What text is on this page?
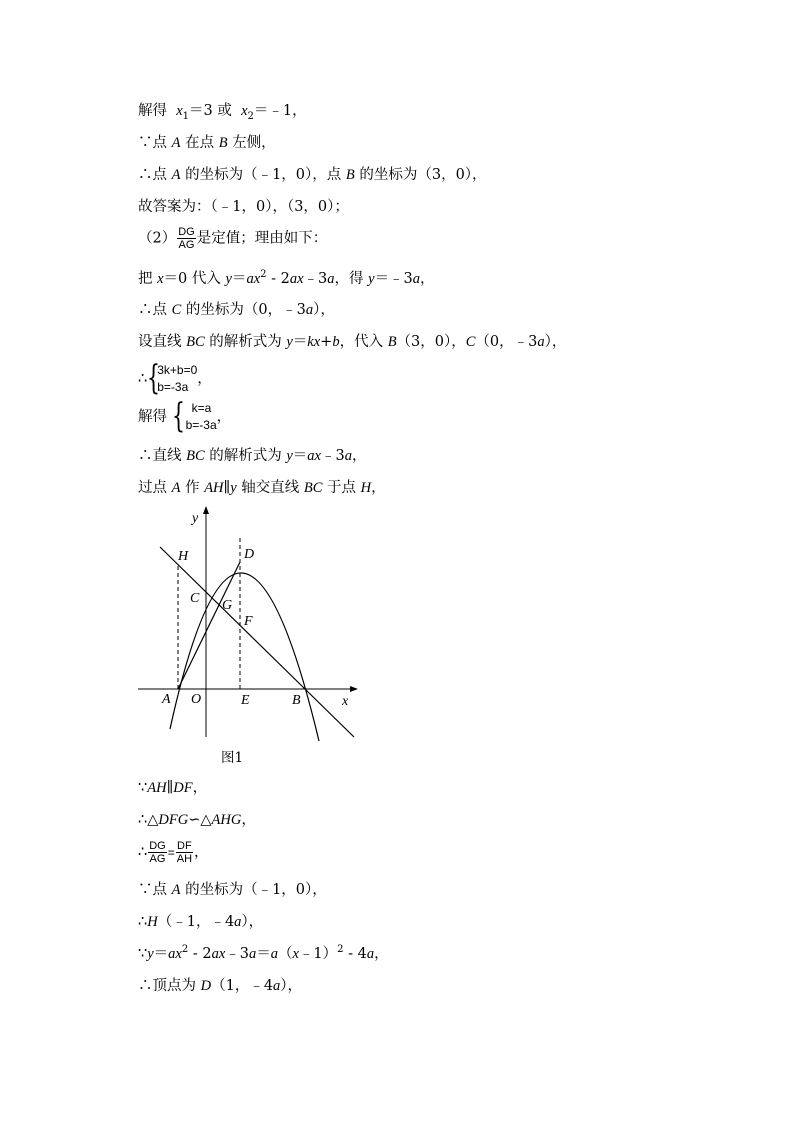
解得  $x_1=3$ 或  $x_2=﹣1$，
∵点 A 在点 B 左侧，
∴点 A 的坐标为（﹣1，0），点 B 的坐标为（3，0），
故答案为：（﹣1，0），（3，0）；
$(2) \frac{DG}{AG}$ 是定值；理由如下：
把 x＝0 代入 $y=ax^2$ - 2ax﹣3a，得 y＝﹣3a，
∴点 C 的坐标为（0，﹣3a），
设直线 BC 的解析式为 y＝kx+b，代入 B（3，0），C（0，﹣3a），
∴ {
3k+b=0
b=-3a ，
解得 { k=a
b=-3a ，
∴直线 BC 的解析式为 y＝ax﹣3a，
过点 A 作 AH∥y 轴交直线 BC 于点 H，
y
x
H	D
C G
F
A O	E	B
图1
∵AH∥DF，
∴△DFG∽△AHG，
∴ $\frac{DG}{AG} = \frac{DF}{AH}$ ，
∵点 A 的坐标为（﹣1，0），
∴H（﹣1，﹣4a），
$\because y=ax^2$ - 2ax﹣3a＝a（x﹣1）$^2$ - 4a，
∴顶点为 D（1，﹣4a），
